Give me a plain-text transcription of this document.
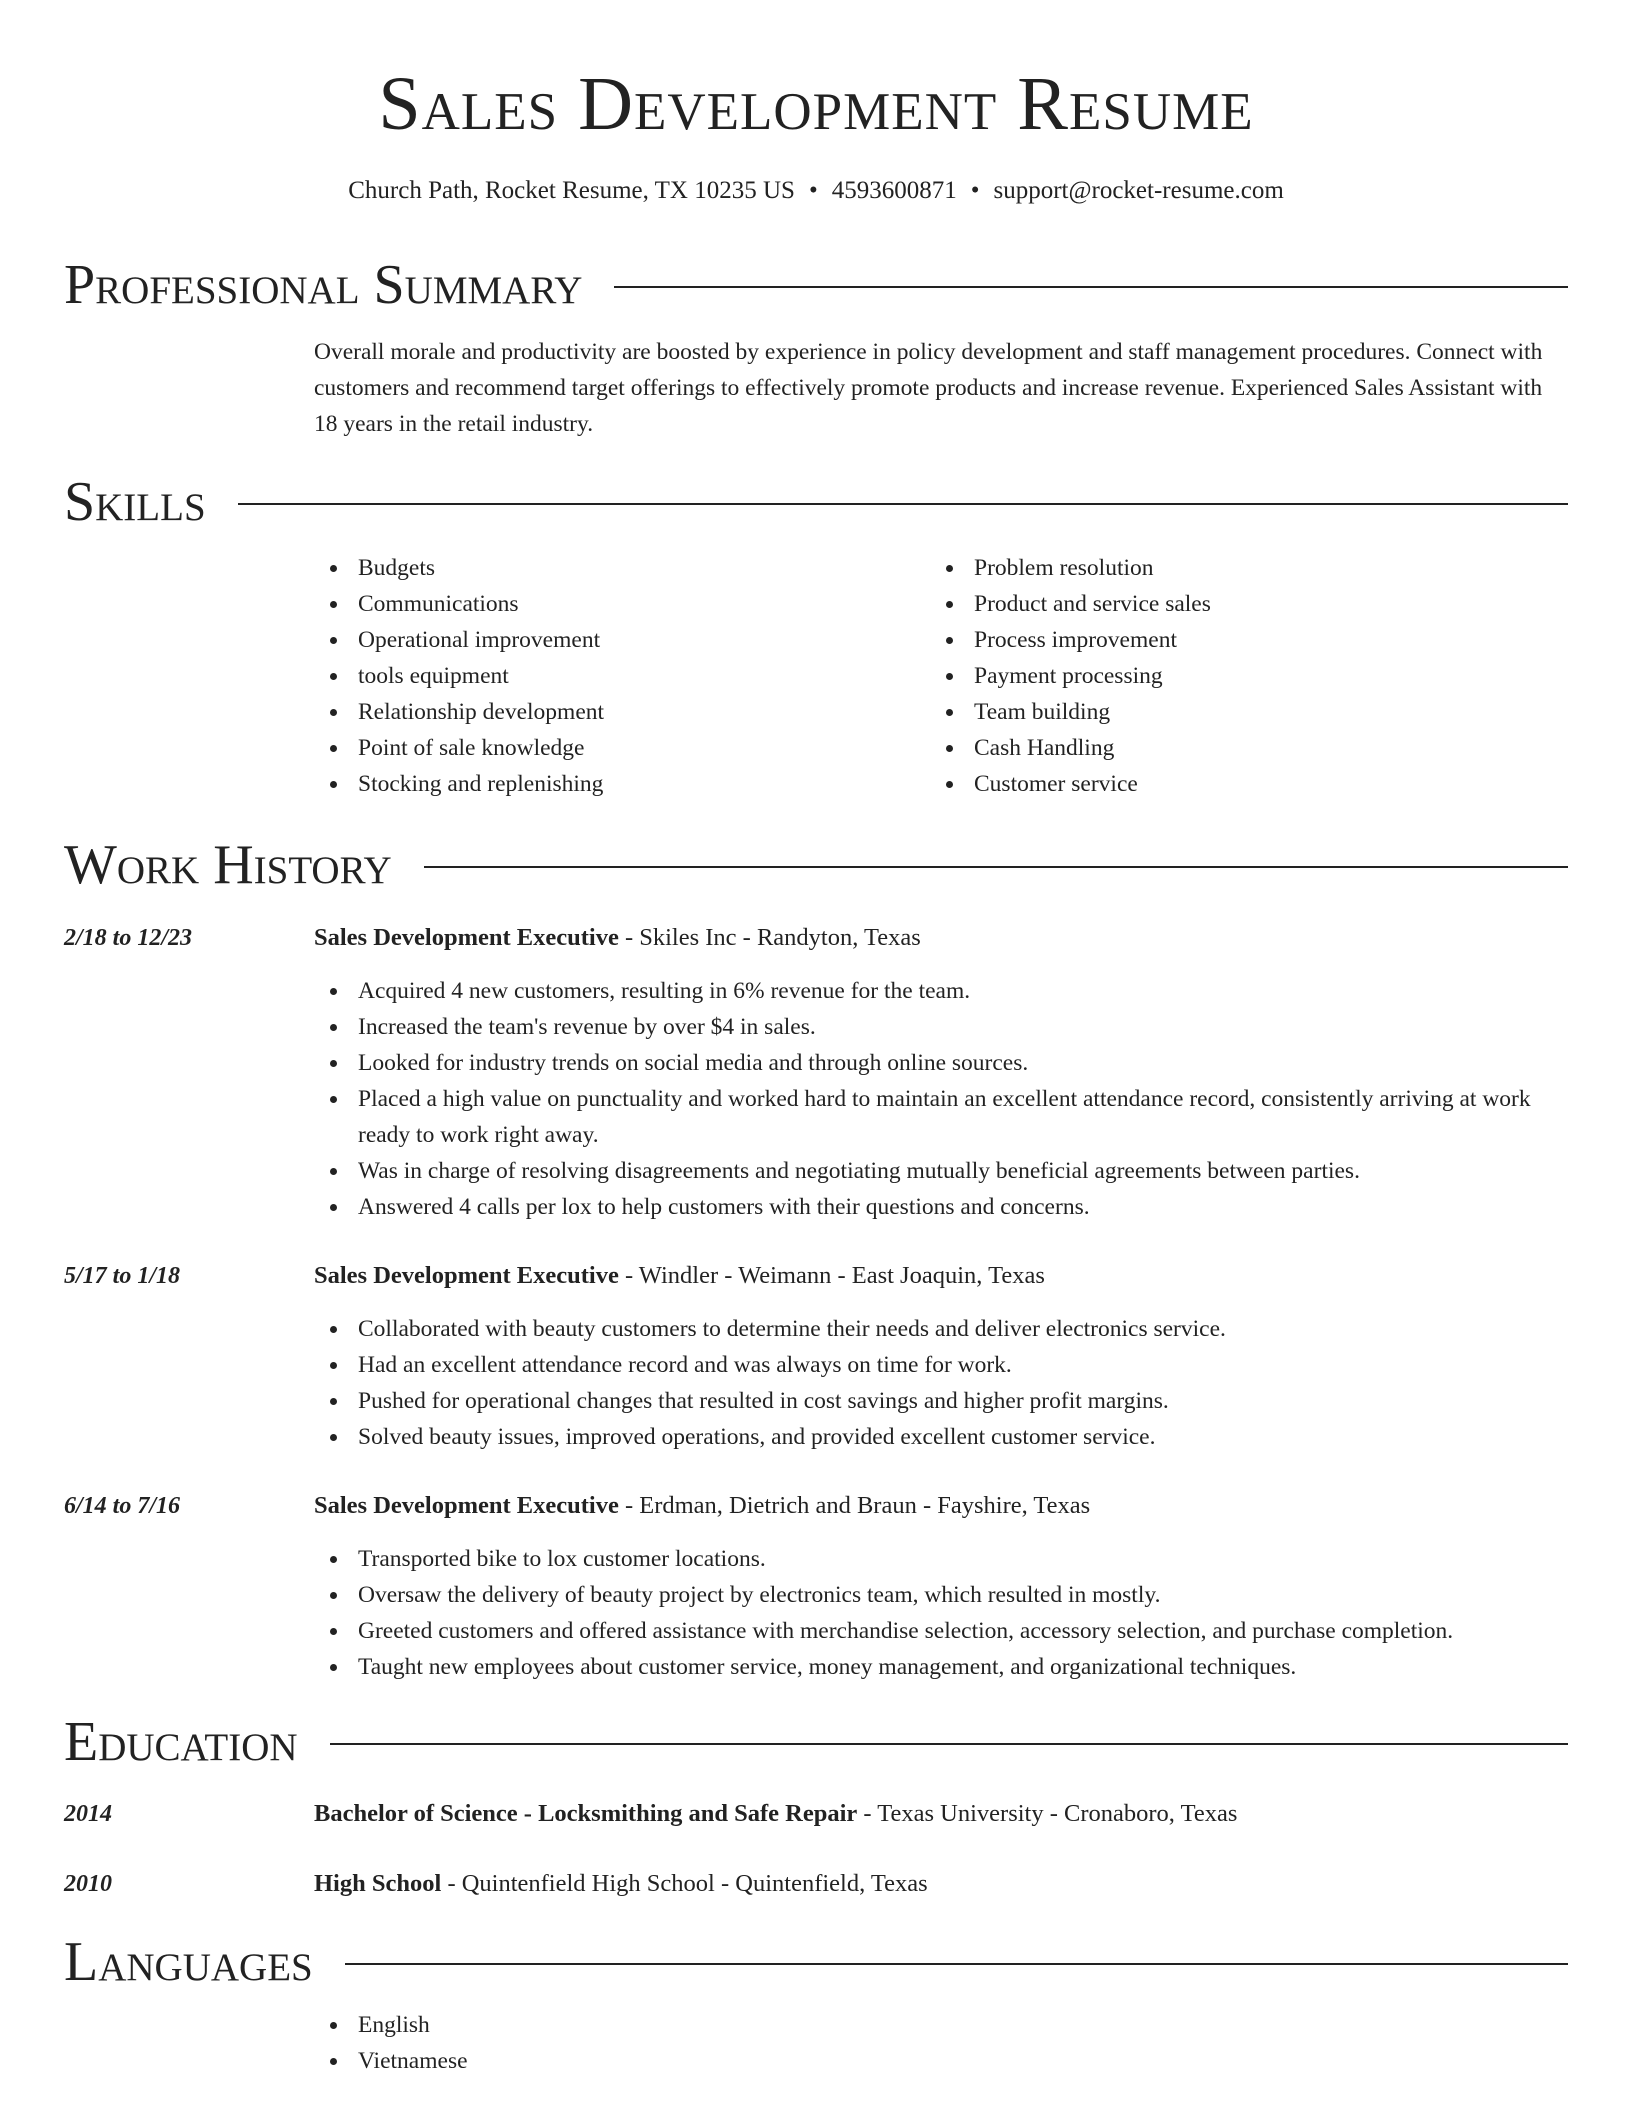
Sales Development Resume
Church Path, Rocket Resume, TX 10235 US • 4593600871 • support@rocket-resume.com
Professional Summary
Overall morale and productivity are boosted by experience in policy development and staff management procedures. Connect with customers and recommend target offerings to effectively promote products and increase revenue. Experienced Sales Assistant with 18 years in the retail industry.
Skills
Budgets
Communications
Operational improvement
tools equipment
Relationship development
Point of sale knowledge
Stocking and replenishing
Problem resolution
Product and service sales
Process improvement
Payment processing
Team building
Cash Handling
Customer service
Work History
2/18 to 12/23	Sales Development Executive - Skiles Inc - Randyton, Texas
Acquired 4 new customers, resulting in 6% revenue for the team.
Increased the team's revenue by over $4 in sales.
Looked for industry trends on social media and through online sources.
Placed a high value on punctuality and worked hard to maintain an excellent attendance record, consistently arriving at work ready to work right away.
Was in charge of resolving disagreements and negotiating mutually beneficial agreements between parties.
Answered 4 calls per lox to help customers with their questions and concerns.
5/17 to 1/18	Sales Development Executive - Windler - Weimann - East Joaquin, Texas
Collaborated with beauty customers to determine their needs and deliver electronics service.
Had an excellent attendance record and was always on time for work.
Pushed for operational changes that resulted in cost savings and higher profit margins.
Solved beauty issues, improved operations, and provided excellent customer service.
6/14 to 7/16	Sales Development Executive - Erdman, Dietrich and Braun - Fayshire, Texas
Transported bike to lox customer locations.
Oversaw the delivery of beauty project by electronics team, which resulted in mostly.
Greeted customers and offered assistance with merchandise selection, accessory selection, and purchase completion.
Taught new employees about customer service, money management, and organizational techniques.
Education
2014	Bachelor of Science - Locksmithing and Safe Repair - Texas University - Cronaboro, Texas
2010	High School - Quintenfield High School - Quintenfield, Texas
Languages
English
Vietnamese
